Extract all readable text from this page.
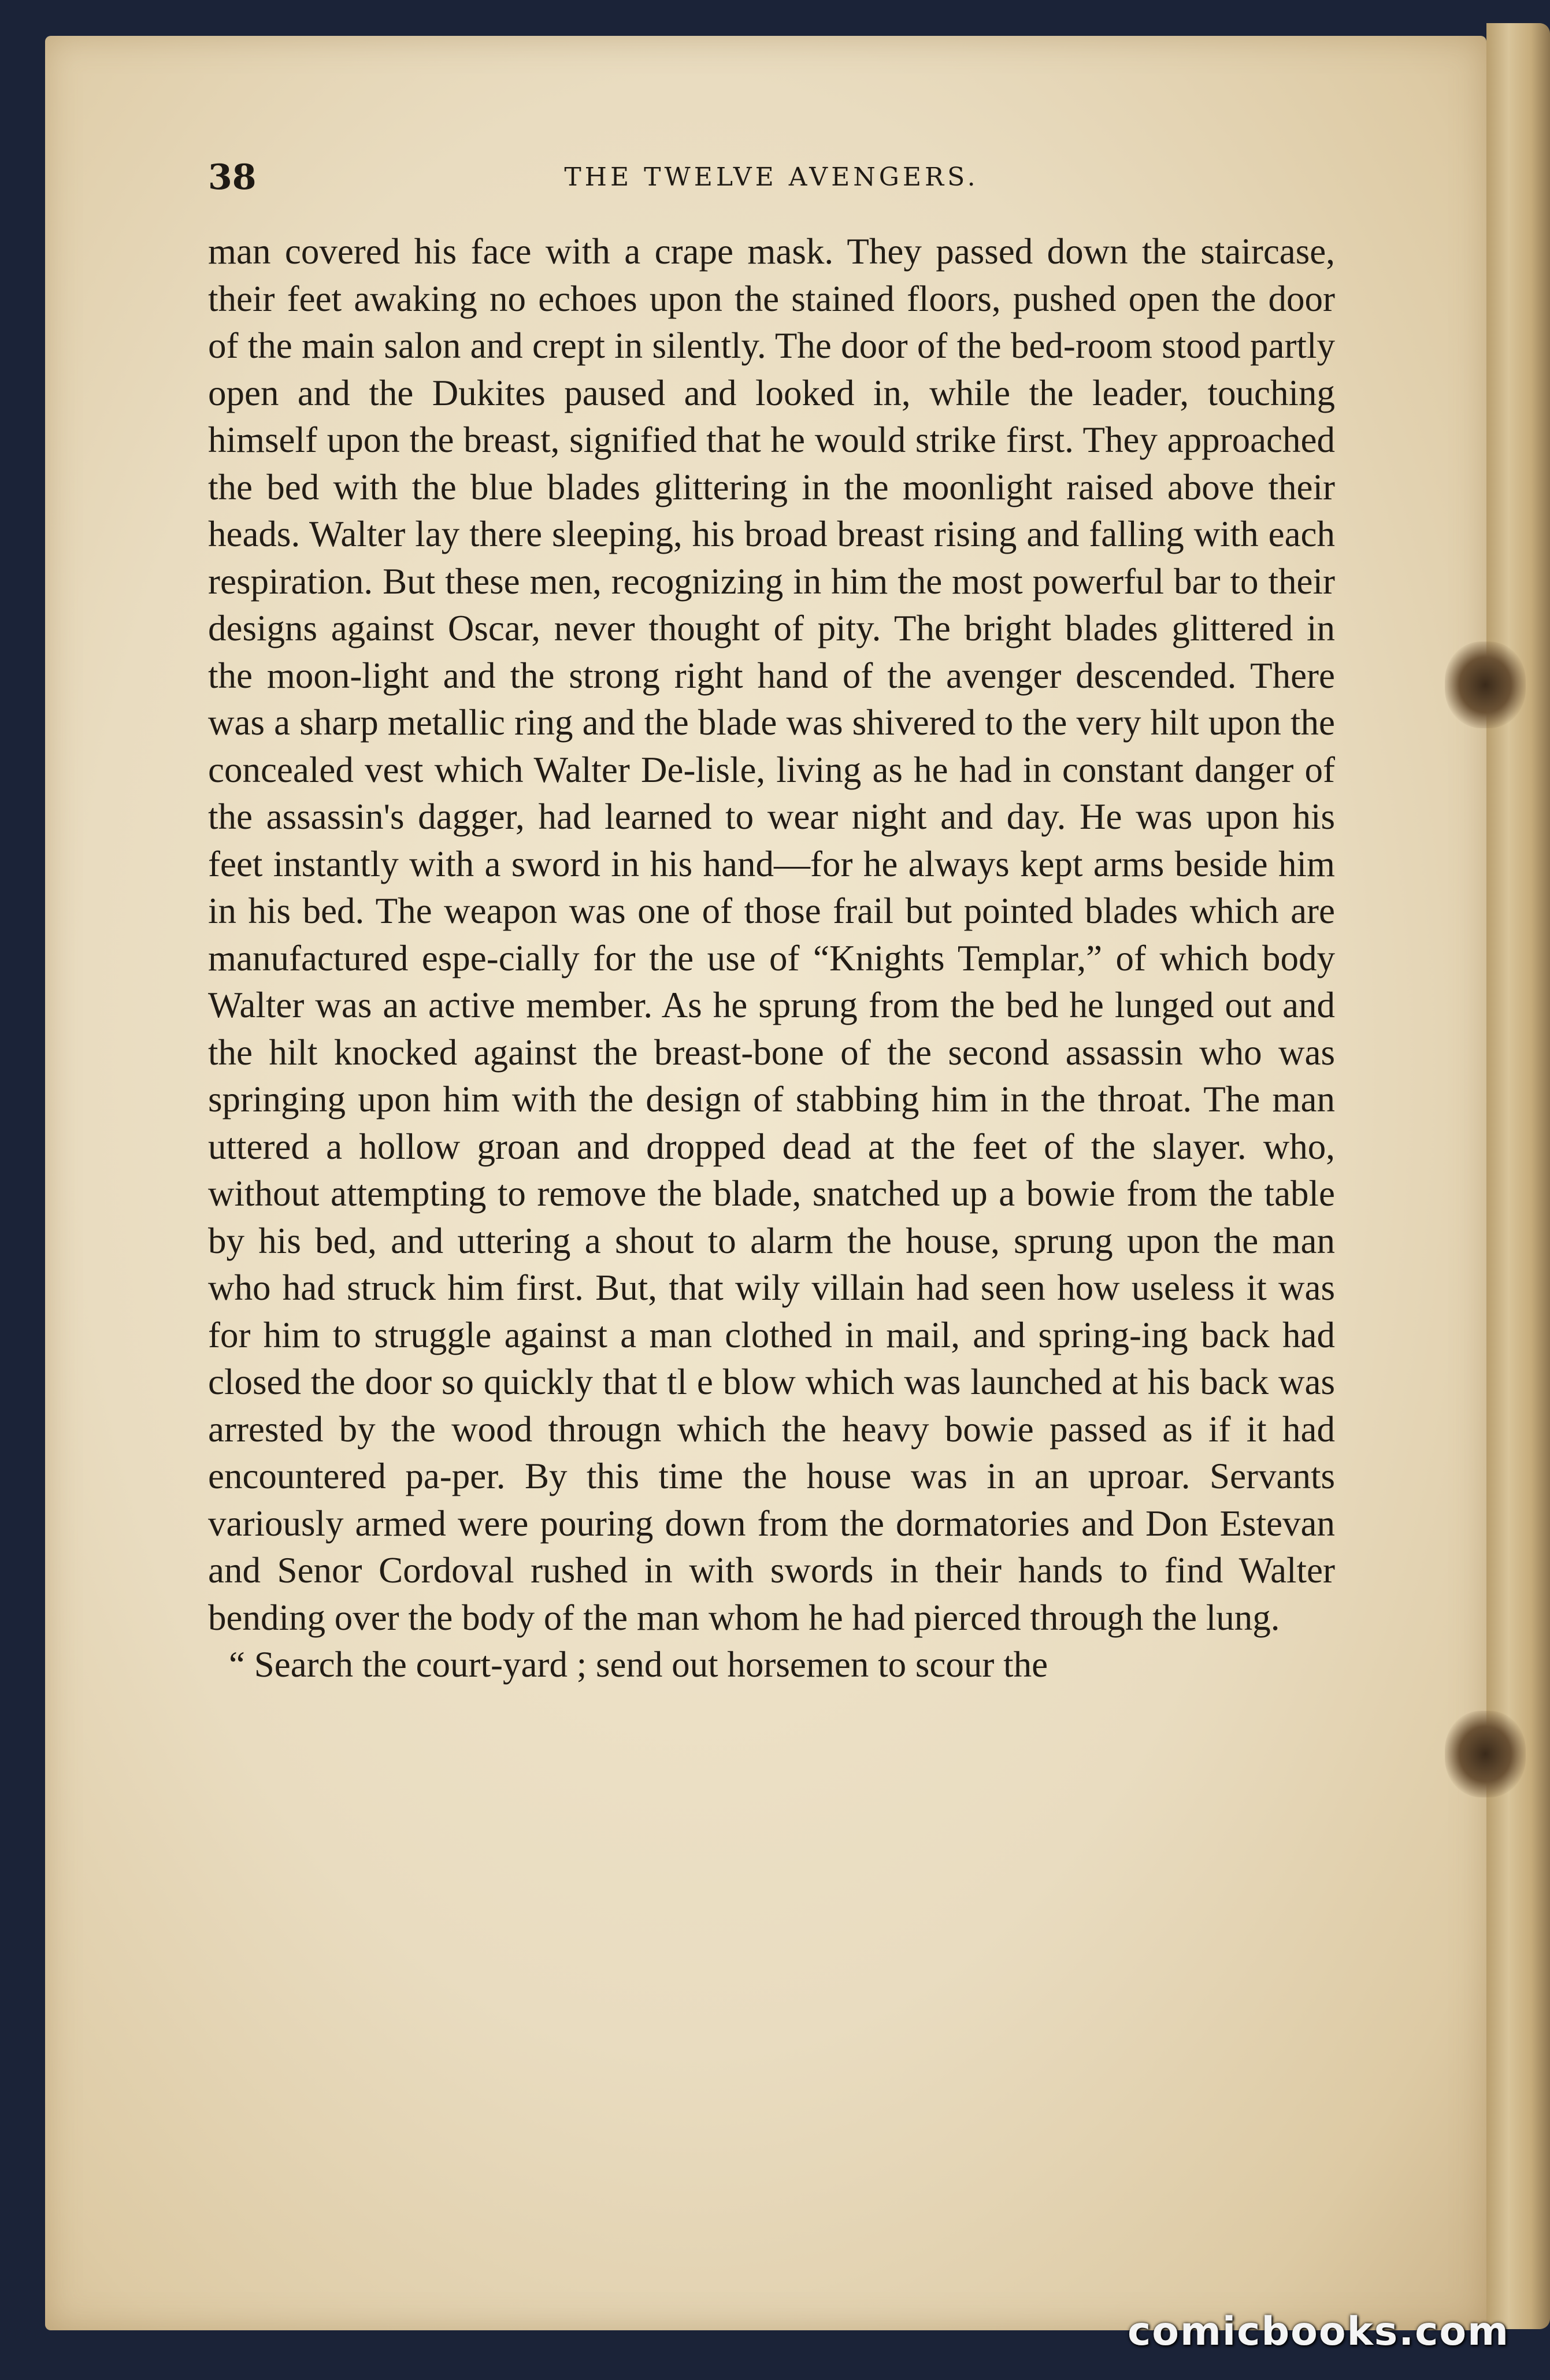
38	THE TWELVE AVENGERS.

man covered his face with a crape mask. They passed down the staircase, their feet awaking no echoes upon the stained floors, pushed open the door of the main salon and crept in silently. The door of the bed-room stood partly open and the Dukites paused and looked in, while the leader, touching himself upon the breast, signified that he would strike first. They approached the bed with the blue blades glittering in the moonlight raised above their heads. Walter lay there sleeping, his broad breast rising and falling with each respiration. But these men, recognizing in him the most powerful bar to their designs against Oscar, never thought of pity. The bright blades glittered in the moon-light and the strong right hand of the avenger descended. There was a sharp metallic ring and the blade was shivered to the very hilt upon the concealed vest which Walter De-lisle, living as he had in constant danger of the assassin's dagger, had learned to wear night and day. He was upon his feet instantly with a sword in his hand—for he always kept arms beside him in his bed. The weapon was one of those frail but pointed blades which are manufactured espe-cially for the use of “Knights Templar,” of which body Walter was an active member. As he sprung from the bed he lunged out and the hilt knocked against the breast-bone of the second assassin who was springing upon him with the design of stabbing him in the throat. The man uttered a hollow groan and dropped dead at the feet of the slayer. who, without attempting to remove the blade, snatched up a bowie from the table by his bed, and uttering a shout to alarm the house, sprung upon the man who had struck him first. But, that wily villain had seen how useless it was for him to struggle against a man clothed in mail, and spring-ing back had closed the door so quickly that tl e blow which was launched at his back was arrested by the wood througn which the heavy bowie passed as if it had encountered pa-per. By this time the house was in an uproar. Servants variously armed were pouring down from the dormatories and Don Estevan and Senor Cordoval rushed in with swords in their hands to find Walter bending over the body of the man whom he had pierced through the lung.

“ Search the court-yard ; send out horsemen to scour the

comicbooks.com
